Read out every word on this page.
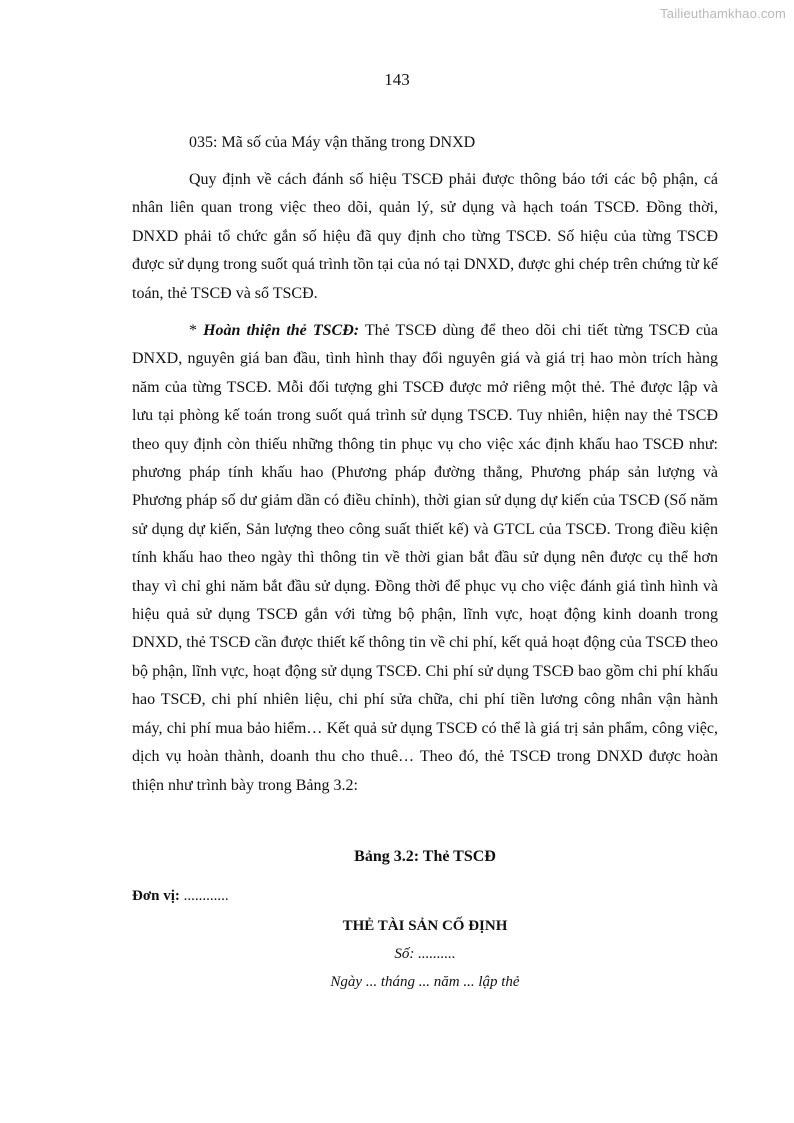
Tailieuthamkhao.com
143
035: Mã số của Máy vận thăng trong DNXD

Quy định về cách đánh số hiệu TSCĐ phải được thông báo tới các bộ phận, cá nhân liên quan trong việc theo dõi, quản lý, sử dụng và hạch toán TSCĐ. Đồng thời, DNXD phải tổ chức gắn số hiệu đã quy định cho từng TSCĐ. Số hiệu của từng TSCĐ được sử dụng trong suốt quá trình tồn tại của nó tại DNXD, được ghi chép trên chứng từ kế toán, thẻ TSCĐ và sổ TSCĐ.

* Hoàn thiện thẻ TSCĐ: Thẻ TSCĐ dùng để theo dõi chi tiết từng TSCĐ của DNXD, nguyên giá ban đầu, tình hình thay đổi nguyên giá và giá trị hao mòn trích hàng năm của từng TSCĐ. Mỗi đối tượng ghi TSCĐ được mở riêng một thẻ. Thẻ được lập và lưu tại phòng kế toán trong suốt quá trình sử dụng TSCĐ. Tuy nhiên, hiện nay thẻ TSCĐ theo quy định còn thiếu những thông tin phục vụ cho việc xác định khấu hao TSCĐ như: phương pháp tính khấu hao (Phương pháp đường thẳng, Phương pháp sản lượng và Phương pháp số dư giảm dần có điều chỉnh), thời gian sử dụng dự kiến của TSCĐ (Số năm sử dụng dự kiến, Sản lượng theo công suất thiết kế) và GTCL của TSCĐ. Trong điều kiện tính khấu hao theo ngày thì thông tin về thời gian bắt đầu sử dụng nên được cụ thể hơn thay vì chỉ ghi năm bắt đầu sử dụng. Đồng thời để phục vụ cho việc đánh giá tình hình và hiệu quả sử dụng TSCĐ gắn với từng bộ phận, lĩnh vực, hoạt động kinh doanh trong DNXD, thẻ TSCĐ cần được thiết kế thông tin về chi phí, kết quả hoạt động của TSCĐ theo bộ phận, lĩnh vực, hoạt động sử dụng TSCĐ. Chi phí sử dụng TSCĐ bao gồm chi phí khấu hao TSCĐ, chi phí nhiên liệu, chi phí sửa chữa, chi phí tiền lương công nhân vận hành máy, chi phí mua bảo hiểm… Kết quả sử dụng TSCĐ có thể là giá trị sản phẩm, công việc, dịch vụ hoàn thành, doanh thu cho thuê… Theo đó, thẻ TSCĐ trong DNXD được hoàn thiện như trình bày trong Bảng 3.2:

Bảng 3.2: Thẻ TSCĐ
Đơn vị: ............
THẺ TÀI SẢN CỐ ĐỊNH
Số: ..........
Ngày ... tháng ... năm ... lập thẻ
